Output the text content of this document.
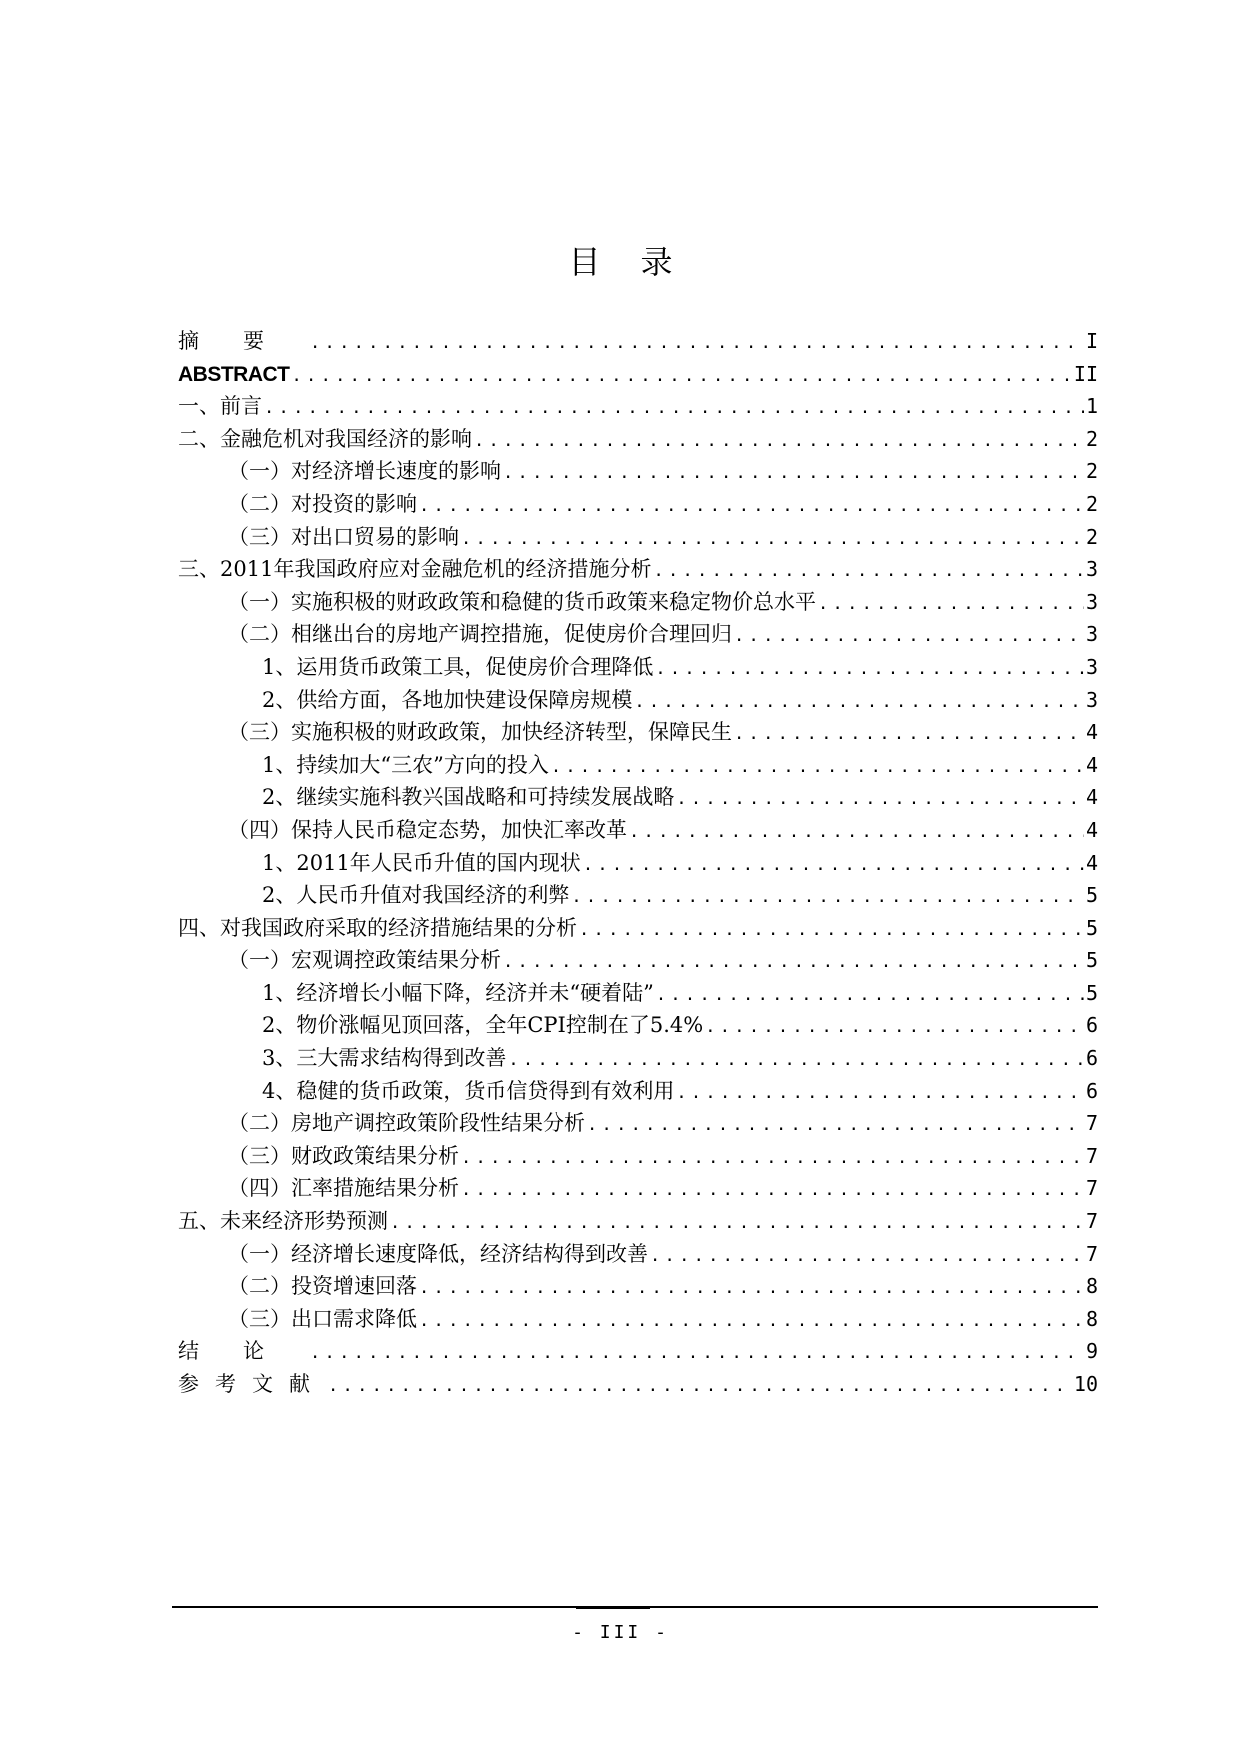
目录
摘要 .....	I
ABSTRACT .....	II
一、前言 .....	1
二、金融危机对我国经济的影响 .....	2
（一）对经济增长速度的影响 .....	2
（二）对投资的影响 .....	2
（三）对出口贸易的影响 .....	2
三、2011年我国政府应对金融危机的经济措施分析 .....	3
（一）实施积极的财政政策和稳健的货币政策来稳定物价总水平 .....	3
（二）相继出台的房地产调控措施，促使房价合理回归 .....	3
1、运用货币政策工具，促使房价合理降低 .....	3
2、供给方面，各地加快建设保障房规模 .....	3
（三）实施积极的财政政策，加快经济转型，保障民生 .....	4
1、持续加大“三农”方向的投入 .....	4
2、继续实施科教兴国战略和可持续发展战略 .....	4
（四）保持人民币稳定态势，加快汇率改革 .....	4
1、2011年人民币升值的国内现状 .....	4
2、人民币升值对我国经济的利弊 .....	5
四、对我国政府采取的经济措施结果的分析 .....	5
（一）宏观调控政策结果分析 .....	5
1、经济增长小幅下降，经济并未“硬着陆” .....	5
2、物价涨幅见顶回落，全年CPI控制在了5.4% .....	6
3、三大需求结构得到改善 .....	6
4、稳健的货币政策，货币信贷得到有效利用 .....	6
（二）房地产调控政策阶段性结果分析 .....	7
（三）财政政策结果分析 .....	7
（四）汇率措施结果分析 .....	7
五、未来经济形势预测 .....	7
（一）经济增长速度降低，经济结构得到改善 .....	7
（二）投资增速回落 .....	8
（三）出口需求降低 .....	8
结论 .....	9
参考文献 .....	10
- III -
